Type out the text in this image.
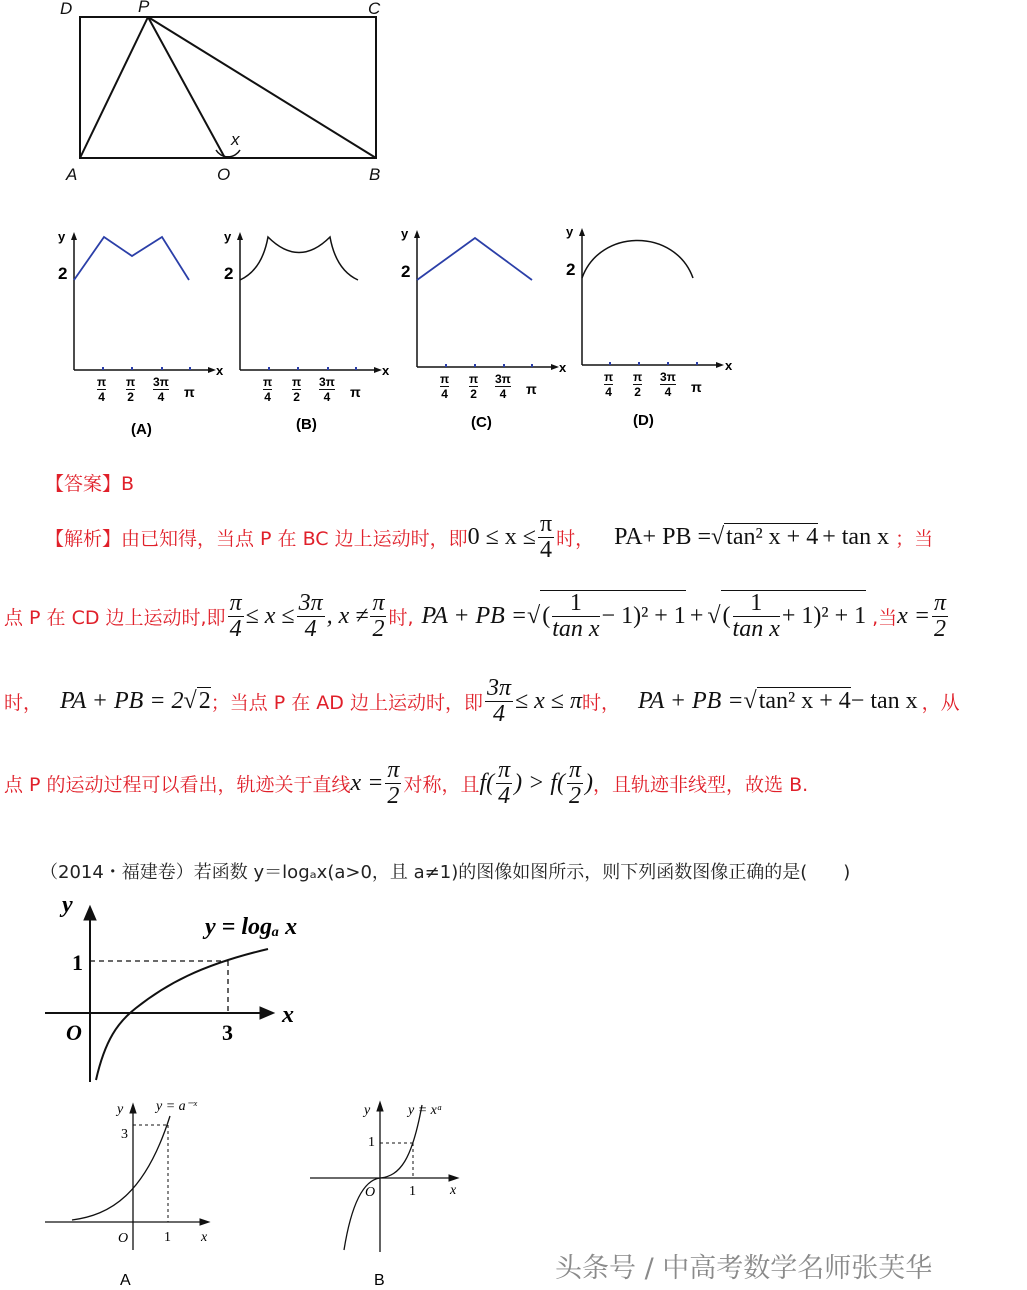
D	P	C
A	O	B
x
y
x
y = logₐ x
1
3
O
y y = a⁻ˣ
3
1
O	x
y	y = xᵃ
1
1
O	x
y
2
x
π
4
π
2
3π
4	π
(A)
y
2
x
π
4
π
2
3π
4	π
(B)
y
2
x
π
4
π
2
3π
4	π
(C)
y
2
x
π
4
π
2
3π
4	π
(D)
【答案】B
【解析】由已知得，当点 P 在 BC 边上运动时，即 $0 \le x \le \frac{\pi}{4}$ 时， PA+ PB = √tan² x + 4 + tan x ；当
点 P 在 CD 边上运动时,即 $\frac{\pi}{4} \le x \le \frac{3\pi}{4}$ , $x \ne \frac{\pi}{2}$ 时, PA + PB = √ ( $\frac{1}{\text{tan x}} - 1)^2 + 1$ + √ ( $\frac{1}{\text{tan x}} + 1)^2 + 1$ ,当 $x = \frac{\pi}{2}$
时， PA + PB = 2 √2 ；当点 P 在 AD 边上运动时，即 $\frac{3\pi}{4} \le x \le \pi$ 时， PA + PB = √tan² x + 4 − tan x ，从
点 P 的运动过程可以看出，轨迹关于直线 $x = \frac{\pi}{2}$ 对称，且 $f( \frac{\pi}{4}$ ) > $f( \frac{\pi}{2}$ ) ，且轨迹非线型，故选 B.
（2014・福建卷）若函数 y＝logₐx(a>0，且 a≠1)的图像如图所示，则下列函数图像正确的是(　　)
A	B	头条号 / 中高考数学名师张芙华
